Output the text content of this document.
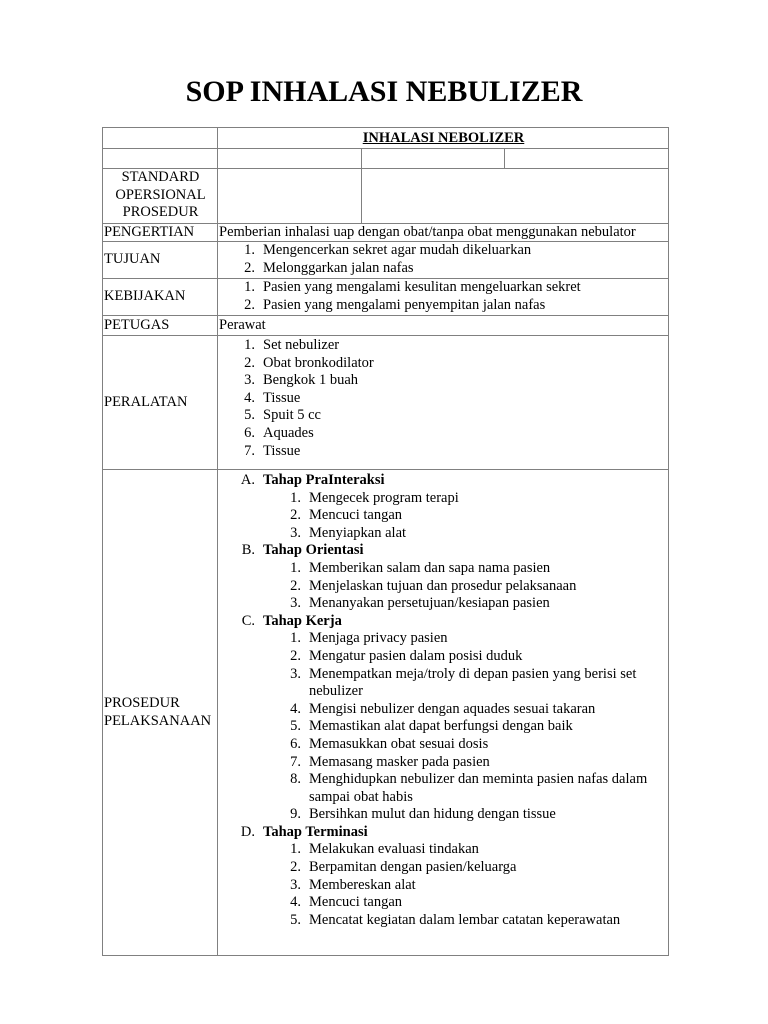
SOP INHALASI NEBULIZER
INHALASI NEBOLIZER
STANDARD
OPERSIONAL
PROSEDUR
PENGERTIAN	Pemberian inhalasi uap dengan obat/tanpa obat menggunakan nebulator
TUJUAN
1. Mengencerkan sekret agar mudah dikeluarkan
2. Melonggarkan jalan nafas
KEBIJAKAN
1. Pasien yang mengalami kesulitan mengeluarkan sekret
2. Pasien yang mengalami penyempitan jalan nafas
PETUGAS	Perawat
PERALATAN
1. Set nebulizer
2. Obat bronkodilator
3. Bengkok 1 buah
4. Tissue
5. Spuit 5 cc
6. Aquades
7. Tissue
PROSEDUR
PELAKSANAAN
A. Tahap PraInteraksi
1. Mengecek program terapi
2. Mencuci tangan
3. Menyiapkan alat
B. Tahap Orientasi
1. Memberikan salam dan sapa nama pasien
2. Menjelaskan tujuan dan prosedur pelaksanaan
3. Menanyakan persetujuan/kesiapan pasien
C. Tahap Kerja
1. Menjaga privacy pasien
2. Mengatur pasien dalam posisi duduk
3. Menempatkan meja/troly di depan pasien yang berisi set nebulizer
4. Mengisi nebulizer dengan aquades sesuai takaran
5. Memastikan alat dapat berfungsi dengan baik
6. Memasukkan obat sesuai dosis
7. Memasang masker pada pasien
8. Menghidupkan nebulizer dan meminta pasien nafas dalam sampai obat habis
9. Bersihkan mulut dan hidung dengan tissue
D. Tahap Terminasi
1. Melakukan evaluasi tindakan
2. Berpamitan dengan pasien/keluarga
3. Membereskan alat
4. Mencuci tangan
5. Mencatat kegiatan dalam lembar catatan keperawatan
